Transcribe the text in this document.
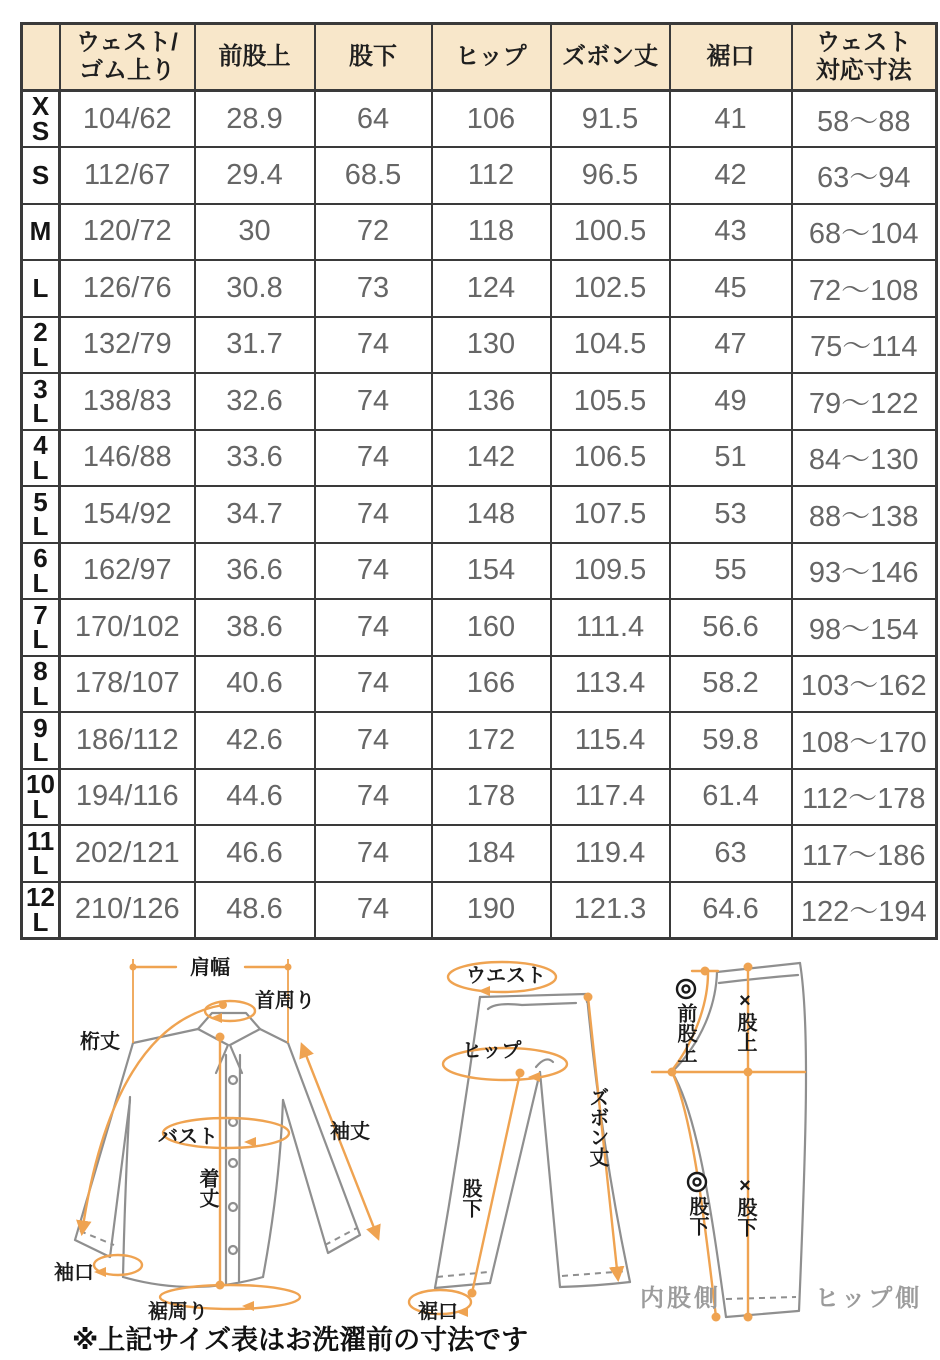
	ウェスト/
ゴム上り	前股上	股下	ヒップ	ズボン丈	裾口	ウェスト
対応寸法
XS	104/62	28.9	64	106	91.5	41	58〜88
S	112/67	29.4	68.5	112	96.5	42	63〜94
M	120/72	30	72	118	100.5	43	68〜104
L	126/76	30.8	73	124	102.5	45	72〜108
2L	132/79	31.7	74	130	104.5	47	75〜114
3L	138/83	32.6	74	136	105.5	49	79〜122
4L	146/88	33.6	74	142	106.5	51	84〜130
5L	154/92	34.7	74	148	107.5	53	88〜138
6L	162/97	36.6	74	154	109.5	55	93〜146
7L	170/102	38.6	74	160	111.4	56.6	98〜154
8L	178/107	40.6	74	166	113.4	58.2	103〜162
9L	186/112	42.6	74	172	115.4	59.8	108〜170
10L	194/116	44.6	74	178	117.4	61.4	112〜178
11L	202/121	46.6	74	184	119.4	63	117〜186
12L	210/126	48.6	74	190	121.3	64.6	122〜194
肩幅
首周り
桁丈
バスト
着丈
袖丈
袖口
裾周り
ウエスト
ヒップ
ズボン丈
股下
裾口
前股上 ×股上
股下 ×股下
内股側	ヒップ側
※上記サイズ表はお洗濯前の寸法です
